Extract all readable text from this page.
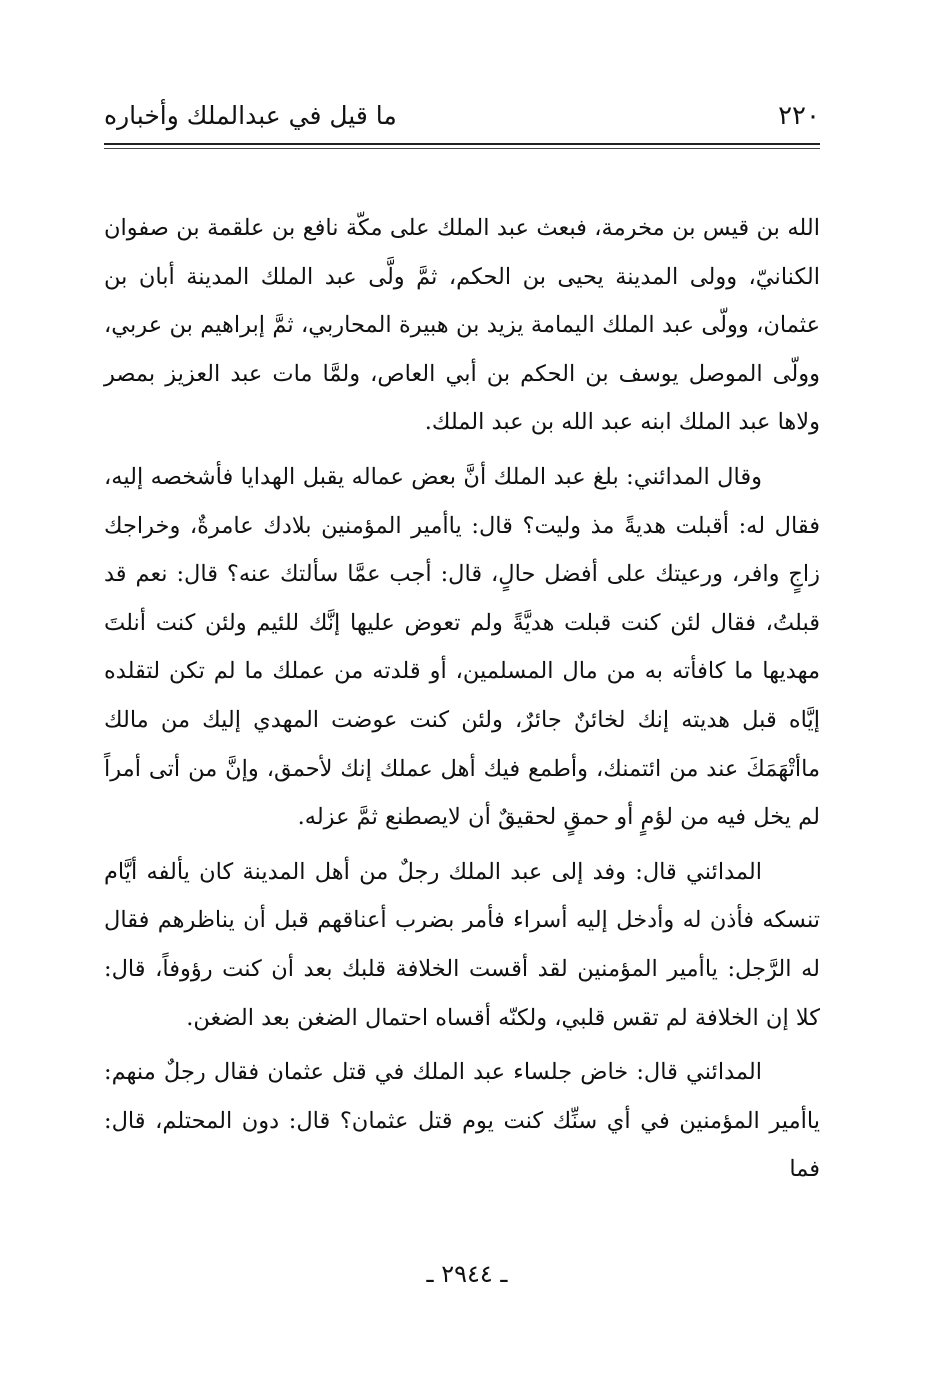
٢٢٠
ما قيل في عبدالملك وأخباره

الله بن قيس بن مخرمة، فبعث عبد الملك على مكّة نافع بن علقمة بن صفوان الكنانيّ، وولى المدينة يحيى بن الحكم، ثمَّ ولَّى عبد الملك المدينة أبان بن عثمان، وولّى عبد الملك اليمامة يزيد بن هبيرة المحاربي، ثمَّ إبراهيم بن عربي، وولّى الموصل يوسف بن الحكم بن أبي العاص، ولمَّا مات عبد العزيز بمصر ولاها عبد الملك ابنه عبد الله بن عبد الملك.

وقال المدائني: بلغ عبد الملك أنَّ بعض عماله يقبل الهدايا فأشخصه إليه، فقال له: أقبلت هديةً مذ وليت؟ قال: ياأمير المؤمنين بلادك عامرةٌ، وخراجك زاجٍ وافر، ورعيتك على أفضل حالٍ، قال: أجب عمَّا سألتك عنه؟ قال: نعم قد قبلتُ، فقال لئن كنت قبلت هديَّةً ولم تعوض عليها إنَّك للئيم ولئن كنت أنلتَ مهديها ما كافأته به من مال المسلمين، أو قلدته من عملك ما لم تكن لتقلده إيَّاه قبل هديته إنك لخائنٌ جائرٌ، ولئن كنت عوضت المهدي إليك من مالك ماأتْهَمَكَ عند من ائتمنك، وأطمع فيك أهل عملك إنك لأحمق، وإنَّ من أتى أمراً لم يخل فيه من لؤمٍ أو حمقٍ لحقيقٌ أن لايصطنع ثمَّ عزله.

المدائني قال: وفد إلى عبد الملك رجلٌ من أهل المدينة كان يألفه أيَّام تنسكه فأذن له وأدخل إليه أسراء فأمر بضرب أعناقهم قبل أن يناظرهم فقال له الرَّجل: ياأمير المؤمنين لقد أقست الخلافة قلبك بعد أن كنت رؤوفاً، قال: كلا إن الخلافة لم تقس قلبي، ولكنّه أقساه احتمال الضغن بعد الضغن.

المدائني قال: خاض جلساء عبد الملك في قتل عثمان فقال رجلٌ منهم: ياأمير المؤمنين في أي سنِّك كنت يوم قتل عثمان؟ قال: دون المحتلم، قال: فما

ـ ٢٩٤٤ ـ
